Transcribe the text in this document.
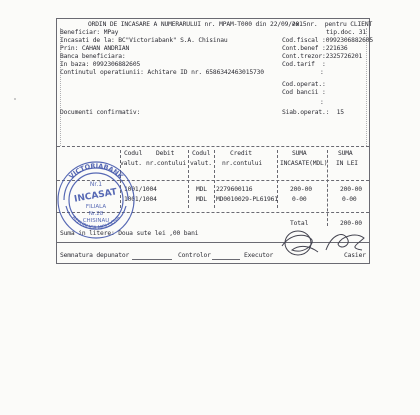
ORDIN DE INCASARE A NUMERARULUI nr. MPAM-T000 din 22/09/2015
ex. nr.  pentru CLIENT
tip.doc. 31
Beneficiar: MPay
Incasati de la: BC"Victoriabank" S.A. Chisinau
Prin: CAHAN ANDRIAN
Banca beneficiara:
In baza: 0992306882605
Continutul operatiunii: Achitare ID nr. 6586342463015730
Documenti confirmativ:
Cod.fiscal :0992306882605
Cont.benef :221636
Cont.trezor:2325726201
Cod.tarif  :
:
Cod.operat.:
Cod bancii :
:
Siab.operat.:  15
Codul Debit	Codul	Credit	SUMA	SUMA
valut. nr.contului valut. nr.contului	INCASATE(MDL) IN LEI
1001/1004	MDL 2279600116	200-00	200-00
1001/1004	MDL MD0010029-PL61961 0-00	0-00
Total	200-00
Suma in litere: Doua sute lei ,00 bani
Semnatura depunator	Controlor	Executor	Casier
VICTORIABANK
REPUBLICA MOLDOVA
Nr.1
INCASAT
FILIALA
Nr.28
CHISINAU
